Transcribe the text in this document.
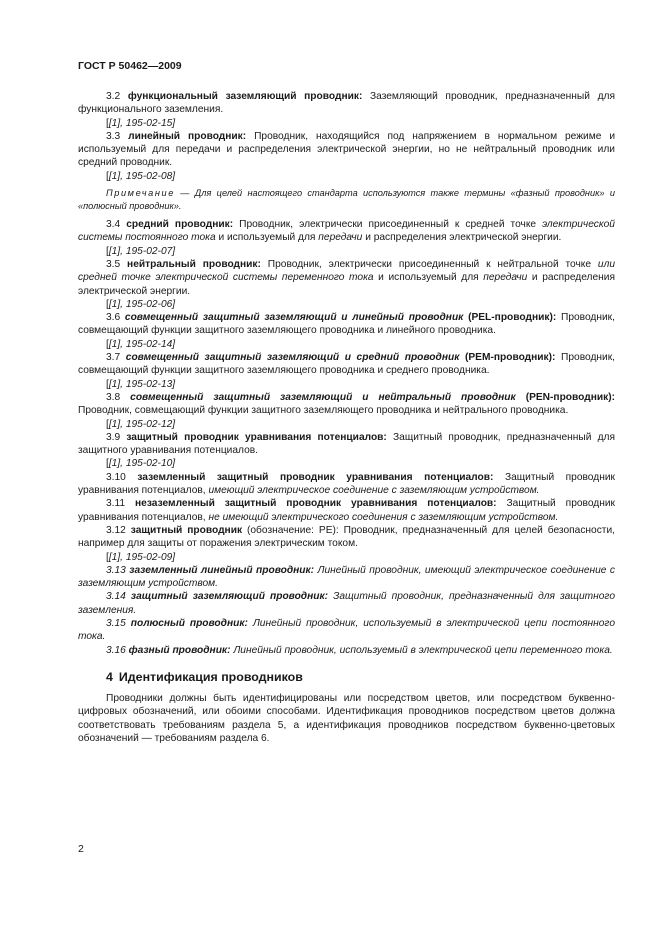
ГОСТ Р 50462—2009
3.2 функциональный заземляющий проводник: Заземляющий проводник, предназначенный для функционального заземления.
[[1], 195-02-15]
3.3 линейный проводник: Проводник, находящийся под напряжением в нормальном режиме и используемый для передачи и распределения электрической энергии, но не нейтральный проводник или средний проводник.
[[1], 195-02-08]
Примечание — Для целей настоящего стандарта используются также термины «фазный проводник» и «полюсный проводник».
3.4 средний проводник: Проводник, электрически присоединенный к средней точке электрической системы постоянного тока и используемый для передачи и распределения электрической энергии.
[[1], 195-02-07]
3.5 нейтральный проводник: Проводник, электрически присоединенный к нейтральной точке или средней точке электрической системы переменного тока и используемый для передачи и распределения электрической энергии.
[[1], 195-02-06]
3.6 совмещенный защитный заземляющий и линейный проводник (PEL-проводник): Проводник, совмещающий функции защитного заземляющего проводника и линейного проводника.
[[1], 195-02-14]
3.7 совмещенный защитный заземляющий и средний проводник (PEM-проводник): Проводник, совмещающий функции защитного заземляющего проводника и среднего проводника.
[[1], 195-02-13]
3.8 совмещенный защитный заземляющий и нейтральный проводник (PEN-проводник): Проводник, совмещающий функции защитного заземляющего проводника и нейтрального проводника.
[[1], 195-02-12]
3.9 защитный проводник уравнивания потенциалов: Защитный проводник, предназначенный для защитного уравнивания потенциалов.
[[1], 195-02-10]
3.10 заземленный защитный проводник уравнивания потенциалов: Защитный проводник уравнивания потенциалов, имеющий электрическое соединение с заземляющим устройством.
3.11 незаземленный защитный проводник уравнивания потенциалов: Защитный проводник уравнивания потенциалов, не имеющий электрического соединения с заземляющим устройством.
3.12 защитный проводник (обозначение: PE): Проводник, предназначенный для целей безопасности, например для защиты от поражения электрическим током.
[[1], 195-02-09]
3.13 заземленный линейный проводник: Линейный проводник, имеющий электрическое соединение с заземляющим устройством.
3.14 защитный заземляющий проводник: Защитный проводник, предназначенный для защитного заземления.
3.15 полюсный проводник: Линейный проводник, используемый в электрической цепи постоянного тока.
3.16 фазный проводник: Линейный проводник, используемый в электрической цепи переменного тока.
4 Идентификация проводников
Проводники должны быть идентифицированы или посредством цветов, или посредством буквенно-цифровых обозначений, или обоими способами. Идентификация проводников посредством цветов должна соответствовать требованиям раздела 5, а идентификация проводников посредством буквенно-цветовых обозначений — требованиям раздела 6.
2
